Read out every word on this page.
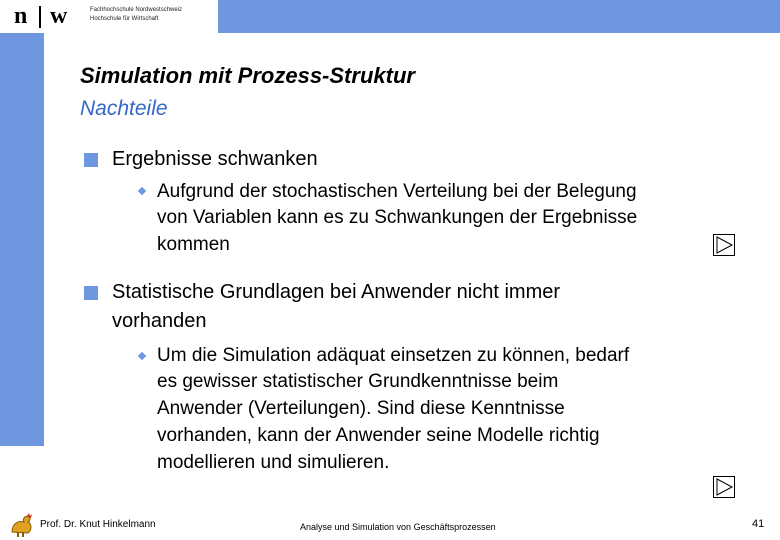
n w	Fachhochschule Nordwestschweiz
Hochschule für Wirtschaft
Simulation mit Prozess-Struktur
Nachteile
Ergebnisse schwanken
Aufgrund der stochastischen Verteilung bei der Belegung
von Variablen kann es zu Schwankungen der Ergebnisse
kommen
Statistische Grundlagen bei Anwender nicht immer
vorhanden
Um die Simulation adäquat einsetzen zu können, bedarf
es gewisser statistischer Grundkenntnisse beim
Anwender (Verteilungen). Sind diese Kenntnisse
vorhanden, kann der Anwender seine Modelle richtig
modellieren und simulieren.
Prof. Dr. Knut Hinkelmann	Analyse und Simulation von Geschäftsprozessen	41
